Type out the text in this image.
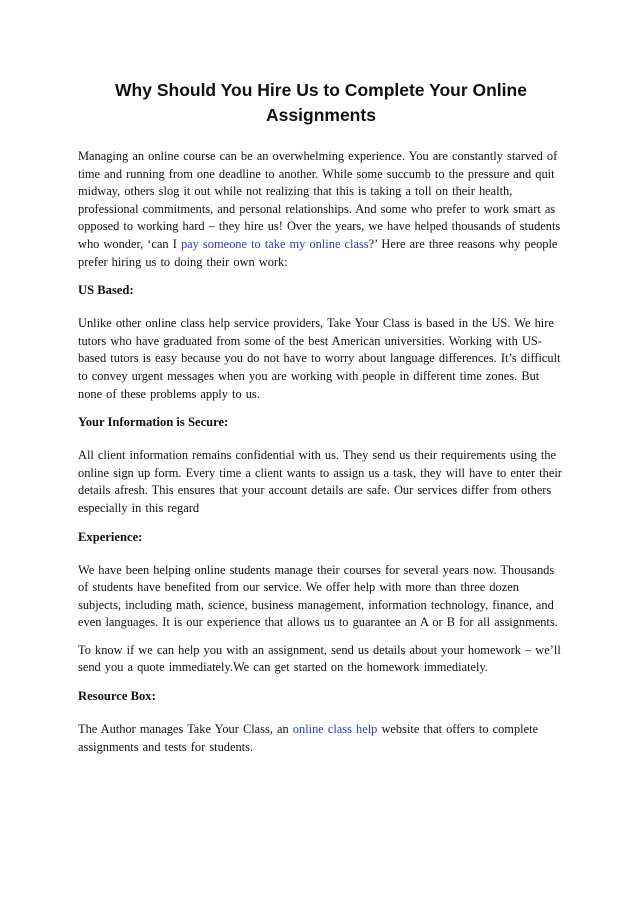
Why Should You Hire Us to Complete Your Online Assignments

Managing an online course can be an overwhelming experience. You are constantly starved of time and running from one deadline to another. While some succumb to the pressure and quit midway, others slog it out while not realizing that this is taking a toll on their health, professional commitments, and personal relationships. And some who prefer to work smart as opposed to working hard – they hire us! Over the years, we have helped thousands of students who wonder, ‘can I pay someone to take my online class?’ Here are three reasons why people prefer hiring us to doing their own work:

US Based:

Unlike other online class help service providers, Take Your Class is based in the US. We hire tutors who have graduated from some of the best American universities. Working with US-based tutors is easy because you do not have to worry about language differences. It’s difficult to convey urgent messages when you are working with people in different time zones. But none of these problems apply to us.

Your Information is Secure:

All client information remains confidential with us. They send us their requirements using the online sign up form. Every time a client wants to assign us a task, they will have to enter their details afresh. This ensures that your account details are safe. Our services differ from others especially in this regard

Experience:

We have been helping online students manage their courses for several years now. Thousands of students have benefited from our service. We offer help with more than three dozen subjects, including math, science, business management, information technology, finance, and even languages. It is our experience that allows us to guarantee an A or B for all assignments.

To know if we can help you with an assignment, send us details about your homework – we’ll send you a quote immediately.We can get started on the homework immediately.

Resource Box:

The Author manages Take Your Class, an online class help website that offers to complete assignments and tests for students.
